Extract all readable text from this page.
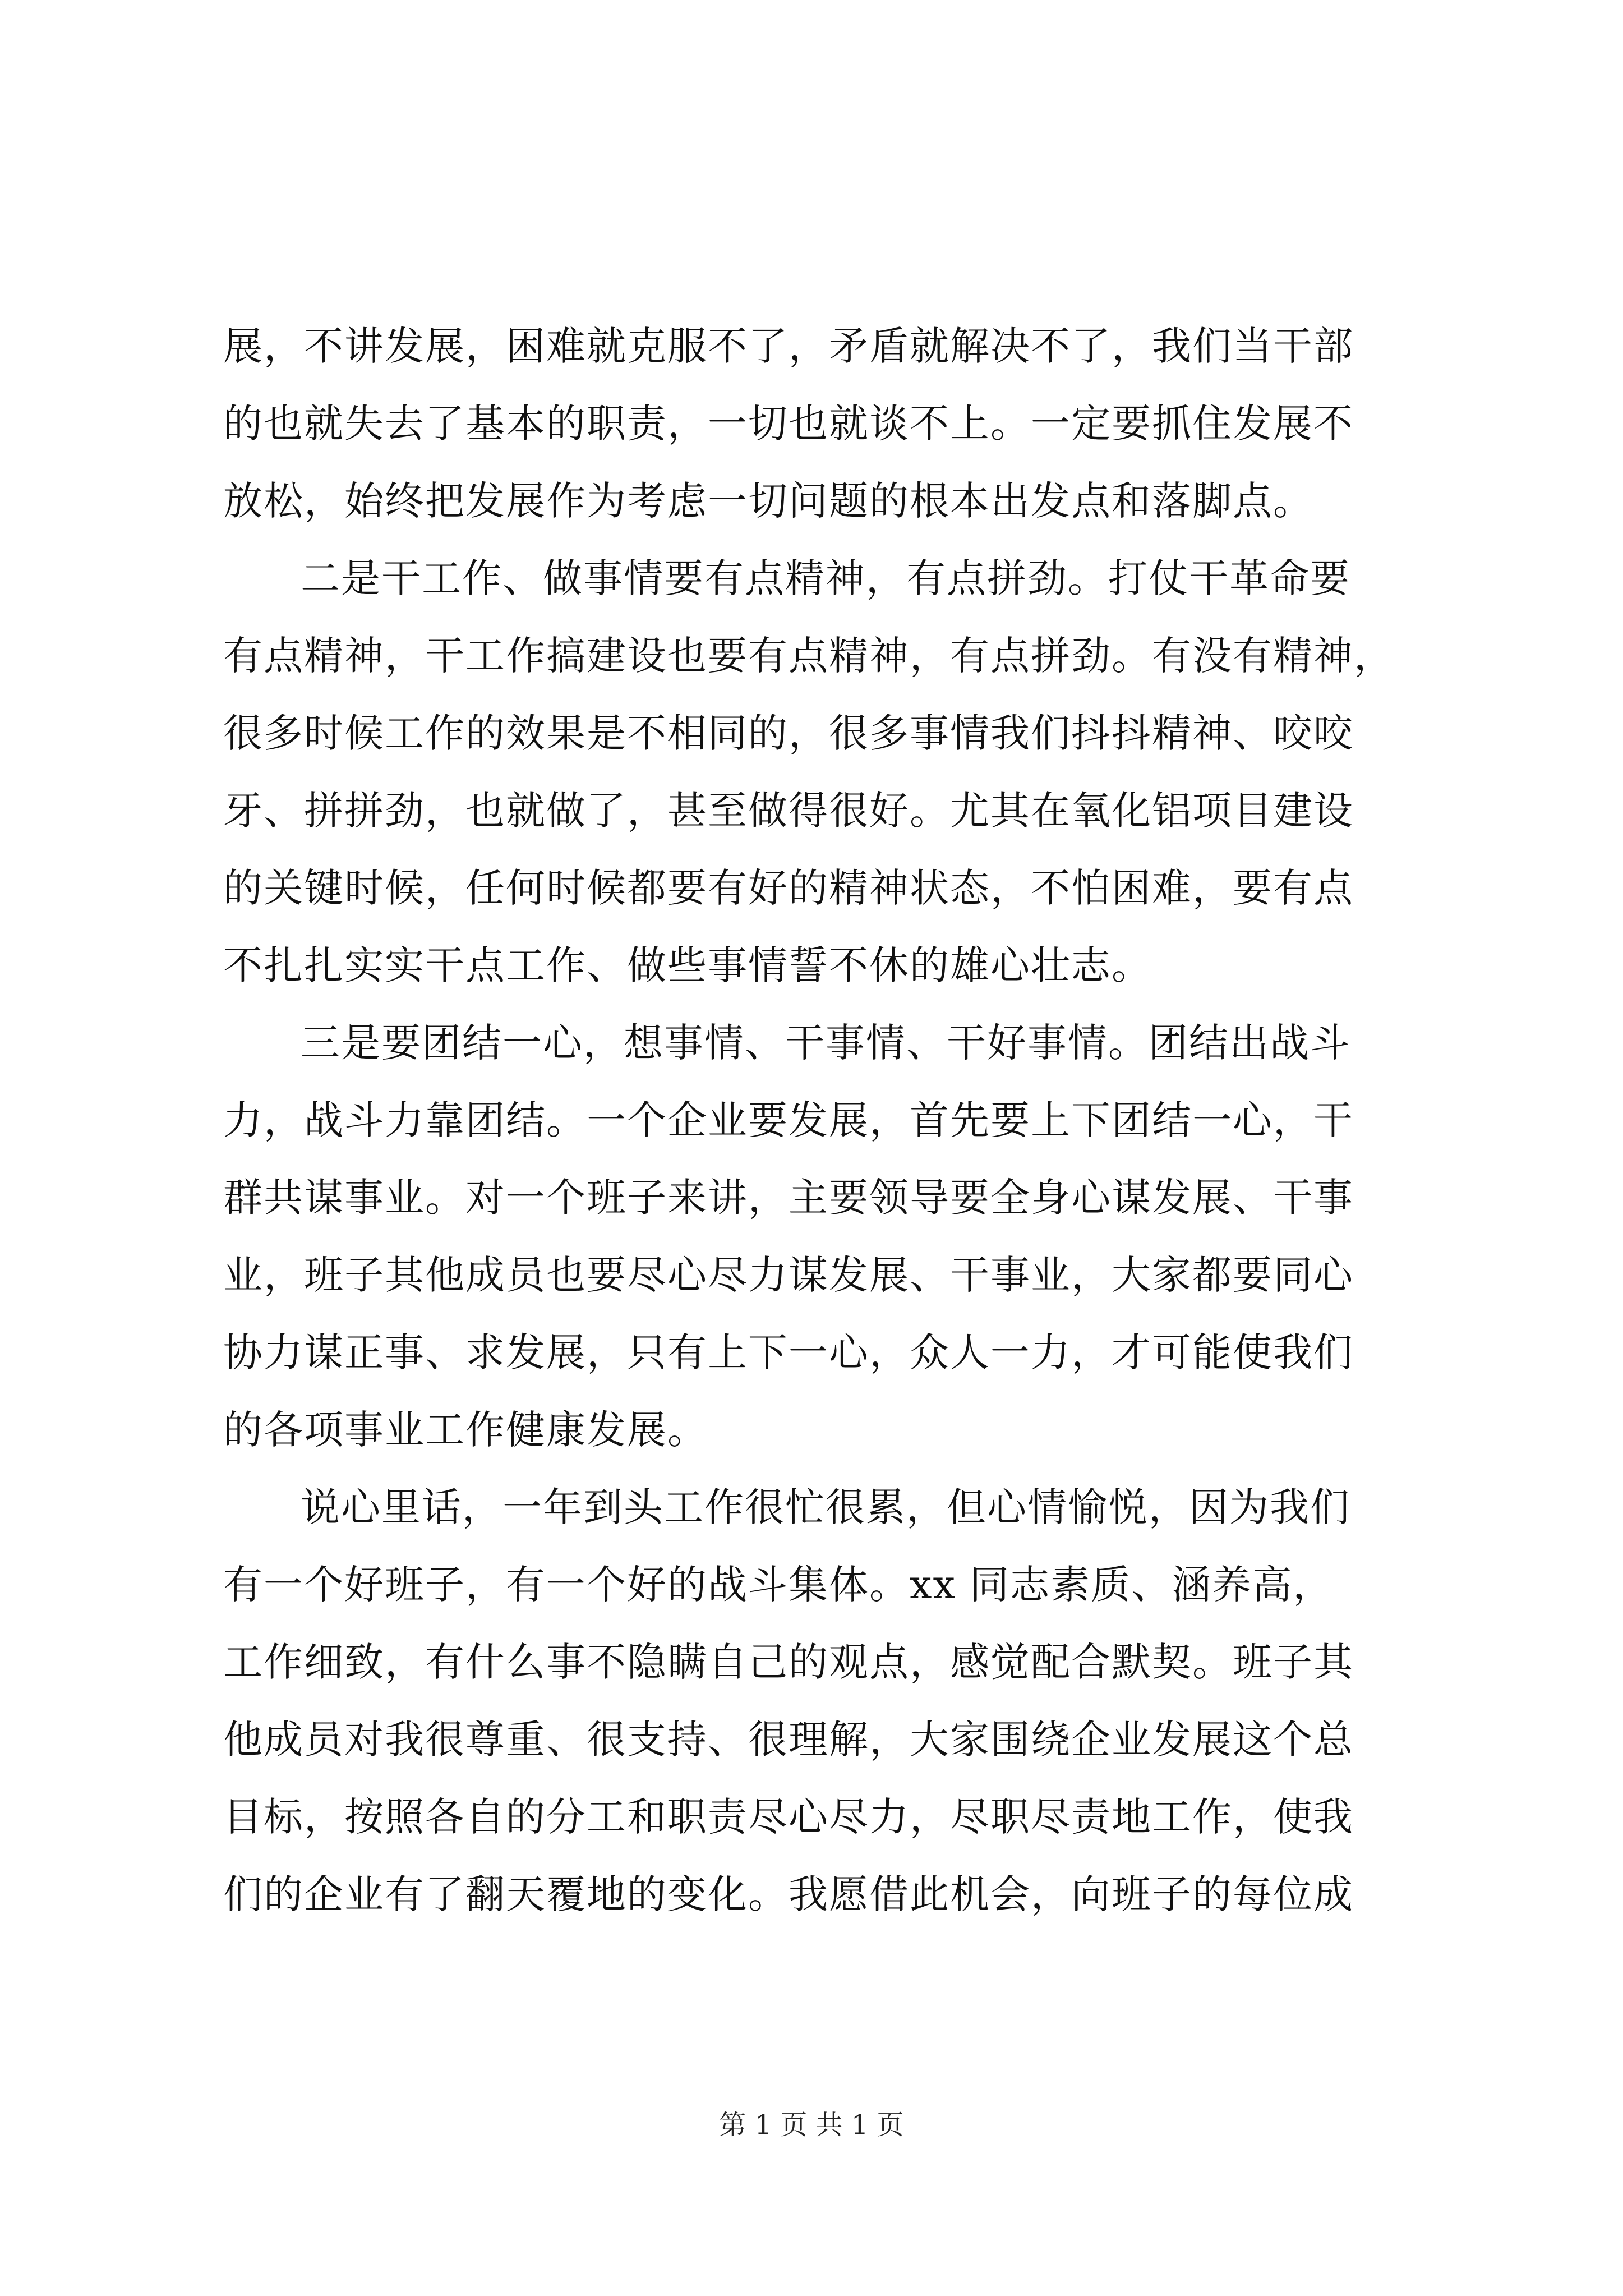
展，不讲发展，困难就克服不了，矛盾就解决不了，我们当干部
的也就失去了基本的职责，一切也就谈不上。一定要抓住发展不
放松，始终把发展作为考虑一切问题的根本出发点和落脚点。
二是干工作、做事情要有点精神，有点拼劲。打仗干革命要
有点精神，干工作搞建设也要有点精神，有点拼劲。有没有精神，
很多时候工作的效果是不相同的，很多事情我们抖抖精神、咬咬
牙、拼拼劲，也就做了，甚至做得很好。尤其在氧化铝项目建设
的关键时候，任何时候都要有好的精神状态，不怕困难，要有点
不扎扎实实干点工作、做些事情誓不休的雄心壮志。
三是要团结一心，想事情、干事情、干好事情。团结出战斗
力，战斗力靠团结。一个企业要发展，首先要上下团结一心，干
群共谋事业。对一个班子来讲，主要领导要全身心谋发展、干事
业，班子其他成员也要尽心尽力谋发展、干事业，大家都要同心
协力谋正事、求发展，只有上下一心，众人一力，才可能使我们
的各项事业工作健康发展。
说心里话，一年到头工作很忙很累，但心情愉悦，因为我们
有一个好班子，有一个好的战斗集体。xx 同志素质、涵养高，
工作细致，有什么事不隐瞒自己的观点，感觉配合默契。班子其
他成员对我很尊重、很支持、很理解，大家围绕企业发展这个总
目标，按照各自的分工和职责尽心尽力，尽职尽责地工作，使我
们的企业有了翻天覆地的变化。我愿借此机会，向班子的每位成
第 1 页 共 1 页
